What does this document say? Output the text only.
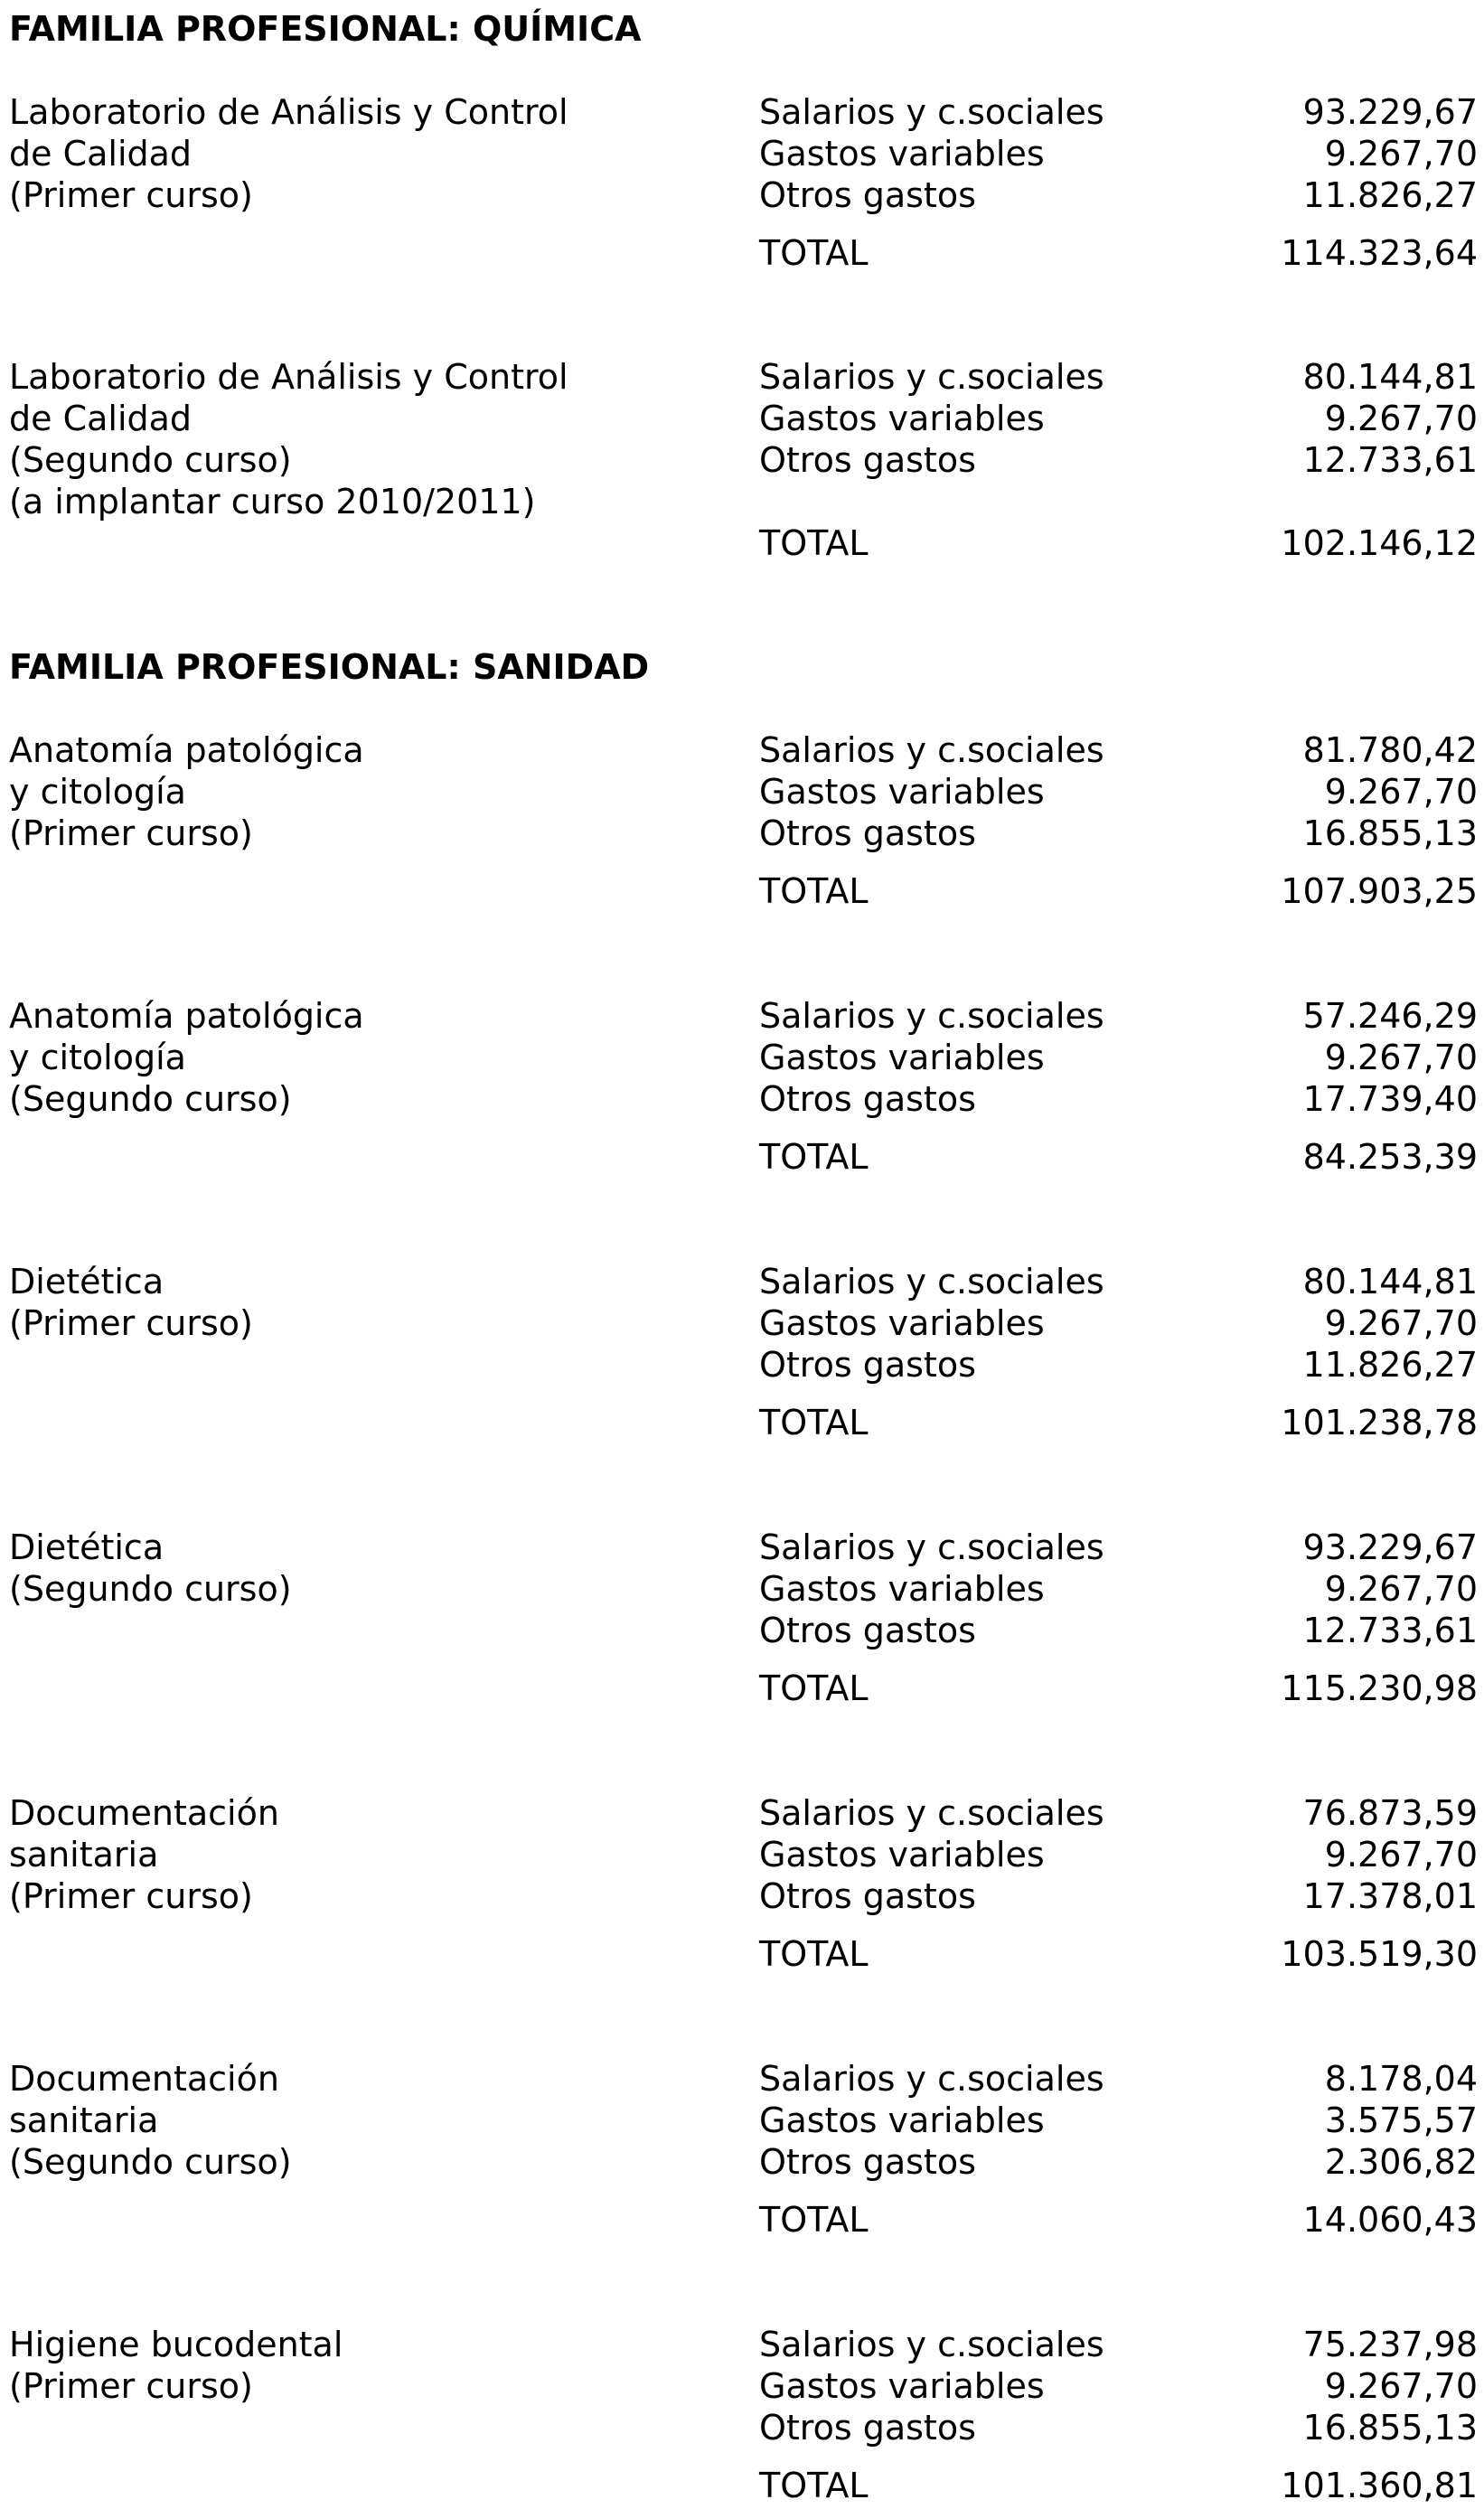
FAMILIA PROFESIONAL: QUÍMICA
Laboratorio de Análisis y Control
de Calidad
(Primer curso)
Salarios y c.sociales	93.229,67
Gastos variables	9.267,70
Otros gastos	11.826,27
TOTAL	114.323,64
Laboratorio de Análisis y Control
de Calidad
(Segundo curso)
(a implantar curso 2010/2011)
Salarios y c.sociales	80.144,81
Gastos variables	9.267,70
Otros gastos	12.733,61
TOTAL	102.146,12
FAMILIA PROFESIONAL: SANIDAD
Anatomía patológica
y citología
(Primer curso)
Salarios y c.sociales	81.780,42
Gastos variables	9.267,70
Otros gastos	16.855,13
TOTAL	107.903,25
Anatomía patológica
y citología
(Segundo curso)
Salarios y c.sociales	57.246,29
Gastos variables	9.267,70
Otros gastos	17.739,40
TOTAL	84.253,39
Dietética
(Primer curso)
Salarios y c.sociales	80.144,81
Gastos variables	9.267,70
Otros gastos	11.826,27
TOTAL	101.238,78
Dietética
(Segundo curso)
Salarios y c.sociales	93.229,67
Gastos variables	9.267,70
Otros gastos	12.733,61
TOTAL	115.230,98
Documentación
sanitaria
(Primer curso)
Salarios y c.sociales	76.873,59
Gastos variables	9.267,70
Otros gastos	17.378,01
TOTAL	103.519,30
Documentación
sanitaria
(Segundo curso)
Salarios y c.sociales	8.178,04
Gastos variables	3.575,57
Otros gastos	2.306,82
TOTAL	14.060,43
Higiene bucodental
(Primer curso)
Salarios y c.sociales	75.237,98
Gastos variables	9.267,70
Otros gastos	16.855,13
TOTAL	101.360,81
